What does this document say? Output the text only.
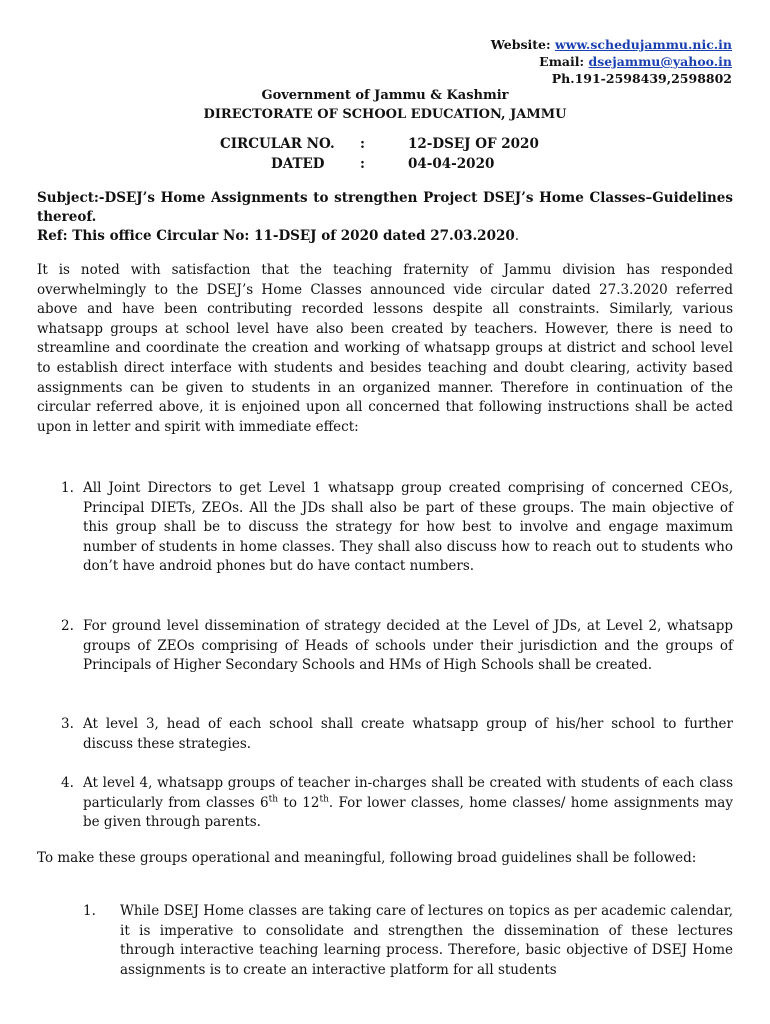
Website: www.schedujammu.nic.in
Email: dsejammu@yahoo.in
Ph.191-2598439,2598802
Government of Jammu & Kashmir
DIRECTORATE OF SCHOOL EDUCATION, JAMMU
CIRCULAR NO.	:	12-DSEJ OF 2020
DATED	:	04-04-2020
Subject:-DSEJ’s Home Assignments to strengthen Project DSEJ’s Home Classes–Guidelines thereof.
Ref: This office Circular No: 11-DSEJ of 2020 dated 27.03.2020.
It is noted with satisfaction that the teaching fraternity of Jammu division has responded overwhelmingly to the DSEJ’s Home Classes announced vide circular dated 27.3.2020 referred above and have been contributing recorded lessons despite all constraints. Similarly, various whatsapp groups at school level have also been created by teachers. However, there is need to streamline and coordinate the creation and working of whatsapp groups at district and school level to establish direct interface with students and besides teaching and doubt clearing, activity based assignments can be given to students in an organized manner. Therefore in continuation of the circular referred above, it is enjoined upon all concerned that following instructions shall be acted upon in letter and spirit with immediate effect:
1. All Joint Directors to get Level 1 whatsapp group created comprising of concerned CEOs, Principal DIETs, ZEOs. All the JDs shall also be part of these groups. The main objective of this group shall be to discuss the strategy for how best to involve and engage maximum number of students in home classes. They shall also discuss how to reach out to students who don’t have android phones but do have contact numbers.
2. For ground level dissemination of strategy decided at the Level of JDs, at Level 2, whatsapp groups of ZEOs comprising of Heads of schools under their jurisdiction and the groups of Principals of Higher Secondary Schools and HMs of High Schools shall be created.
3. At level 3, head of each school shall create whatsapp group of his/her school to further discuss these strategies.
4. At level 4, whatsapp groups of teacher in-charges shall be created with students of each class particularly from classes 6th to 12th. For lower classes, home classes/ home assignments may be given through parents.
To make these groups operational and meaningful, following broad guidelines shall be followed:
1. While DSEJ Home classes are taking care of lectures on topics as per academic calendar, it is imperative to consolidate and strengthen the dissemination of these lectures through interactive teaching learning process. Therefore, basic objective of DSEJ Home assignments is to create an interactive platform for all students
